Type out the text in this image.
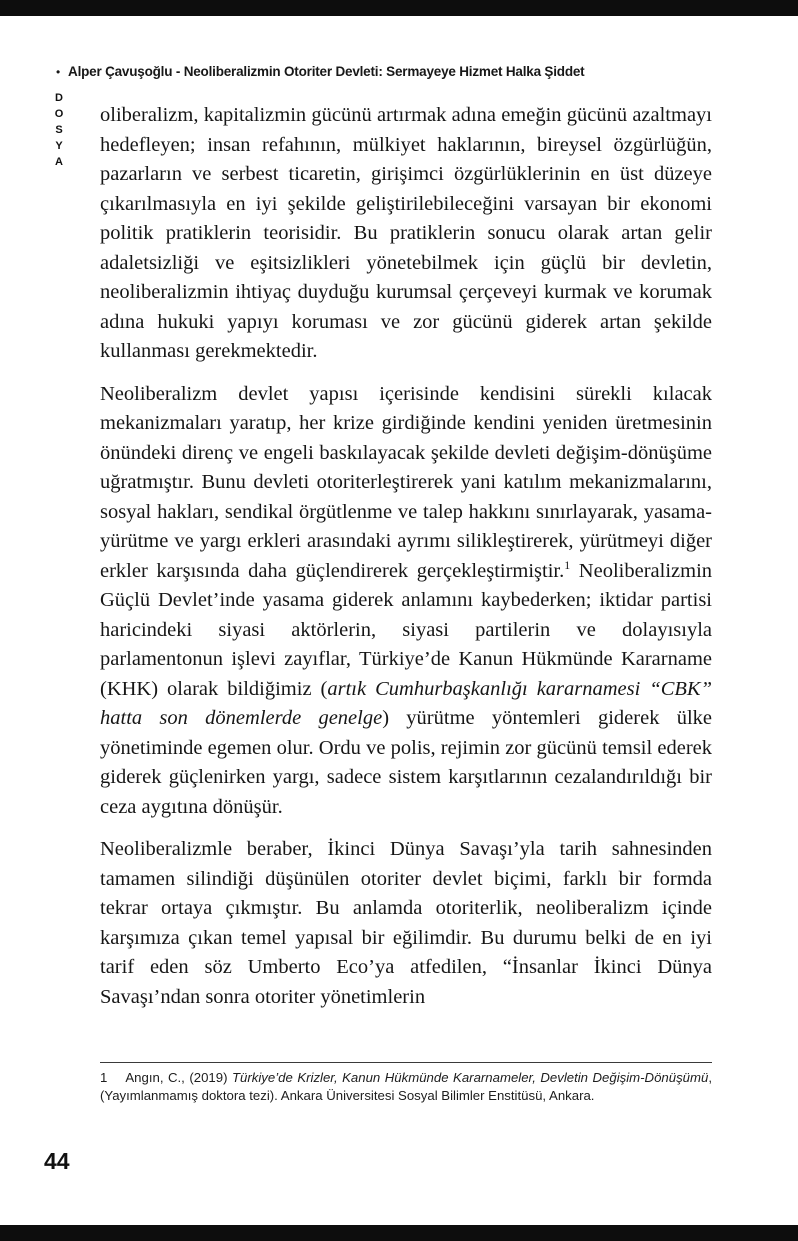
• Alper Çavuşoğlu - Neoliberalizmin Otoriter Devleti: Sermayeye Hizmet Halka Şiddet
DOSYA oliberalizm, kapitalizmin gücünü artırmak adına emeğin gücünü azaltmayı hedefleyen; insan refahının, mülkiyet haklarının, bireysel özgürlüğün, pazarların ve serbest ticaretin, girişimci özgürlüklerinin en üst düzeye çıkarılmasıyla en iyi şekilde geliştirilebileceğini varsayan bir ekonomi politik pratiklerin teorisidir. Bu pratiklerin sonucu olarak artan gelir adaletsizliği ve eşitsizlikleri yönetebilmek için güçlü bir devletin, neoliberalizmin ihtiyaç duyduğu kurumsal çerçeveyi kurmak ve korumak adına hukuki yapıyı koruması ve zor gücünü giderek artan şekilde kullanması gerekmektedir.

Neoliberalizm devlet yapısı içerisinde kendisini sürekli kılacak mekanizmaları yaratıp, her krize girdiğinde kendini yeniden üretmesinin önündeki direnç ve engeli baskılayacak şekilde devleti değişim-dönüşüme uğratmıştır. Bunu devleti otoriterleştirerek yani katılım mekanizmalarını, sosyal hakları, sendikal örgütlenme ve talep hakkını sınırlayarak, yasama-yürütme ve yargı erkleri arasındaki ayrımı silikleştirerek, yürütmeyi diğer erkler karşısında daha güçlendirerek gerçekleştirmiştir.$^1$ Neoliberalizmin Güçlü Devlet’inde yasama giderek anlamını kaybederken; iktidar partisi haricindeki siyasi aktörlerin, siyasi partilerin ve dolayısıyla parlamentonun işlevi zayıflar, Türkiye’de Kanun Hükmünde Kararname (KHK) olarak bildiğimiz (artık Cumhurbaşkanlığı kararnamesi “CBK” hatta son dönemlerde genelge) yürütme yöntemleri giderek ülke yönetiminde egemen olur. Ordu ve polis, rejimin zor gücünü temsil ederek giderek güçlenirken yargı, sadece sistem karşıtlarının cezalandırıldığı bir ceza aygıtına dönüşür.

Neoliberalizmle beraber, İkinci Dünya Savaşı’yla tarih sahnesinden tamamen silindiği düşünülen otoriter devlet biçimi, farklı bir formda tekrar ortaya çıkmıştır. Bu anlamda otoriterlik, neoliberalizm içinde karşımıza çıkan temel yapısal bir eğilimdir. Bu durumu belki de en iyi tarif eden söz Umberto Eco’ya atfedilen, “İnsanlar İkinci Dünya Savaşı’ndan sonra otoriter yönetimlerin

1    Angın, C., (2019) Türkiye’de Krizler, Kanun Hükmünde Kararnameler, Devletin Değişim-Dönüşümü, (Yayımlanmamış doktora tezi). Ankara Üniversitesi Sosyal Bilimler Enstitüsü, Ankara.

44
